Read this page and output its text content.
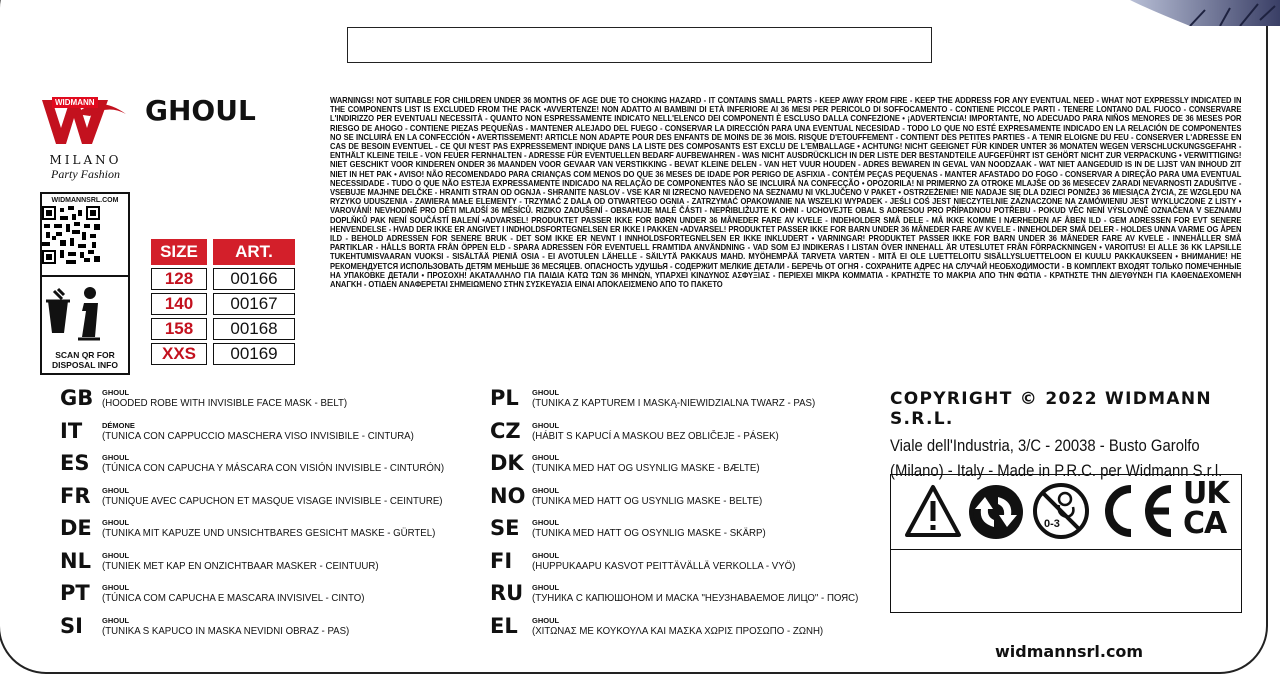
WIDMANN
MILANO
Party Fashion
GHOUL
WIDMANNSRL.COM
SCAN QR FOR DISPOSAL INFO
SIZE	ART.
128	00166
140	00167
158	00168
XXS	00169
WARNINGS! NOT SUITABLE FOR CHILDREN UNDER 36 MONTHS OF AGE DUE TO CHOKING HAZARD - IT CONTAINS SMALL PARTS - KEEP AWAY FROM FIRE - KEEP THE ADDRESS FOR ANY EVENTUAL NEED - WHAT NOT EXPRESSLY INDICATED IN THE COMPONENTS LIST IS EXCLUDED FROM THE PACK •AVVERTENZE! NON ADATTO AI BAMBINI DI ETÀ INFERIORE AI 36 MESI PER PERICOLO DI SOFFOCAMENTO - CONTIENE PICCOLE PARTI - TENERE LONTANO DAL FUOCO - CONSERVARE L'INDIRIZZO PER EVENTUALI NECESSITÀ - QUANTO NON ESPRESSAMENTE INDICATO NELL'ELENCO DEI COMPONENTI È ESCLUSO DALLA CONFEZIONE • ¡ADVERTENCIA! IMPORTANTE, NO ADECUADO PARA NIÑOS MENORES DE 36 MESES POR RIESGO DE AHOGO - CONTIENE PIEZAS PEQUEÑAS - MANTENER ALEJADO DEL FUEGO - CONSERVAR LA DIRECCIÓN PARA UNA EVENTUAL NECESIDAD - TODO LO QUE NO ESTÉ EXPRESAMENTE INDICADO EN LA RELACIÓN DE COMPONENTES NO SE INCLUIRÁ EN LA CONFECCIÓN • AVERTISSEMENT! ARTICLE NON ADAPTE POUR DES ENFANTS DE MOINS DE 36 MOIS. RISQUE D'ETOUFFEMENT - CONTIENT DES PETITES PARTIES - A TENIR ELOIGNE DU FEU - CONSERVER L'ADRESSE EN CAS DE BESOIN EVENTUEL - CE QUI N'EST PAS EXPRESSEMENT INDIQUE DANS LA LISTE DES COMPOSANTS EST EXCLU DE L'EMBALLAGE • ACHTUNG! NICHT GEEIGNET FÜR KINDER UNTER 36 MONATEN WEGEN VERSCHLUCKUNGSGEFAHR - ENTHÄLT KLEINE TEILE - VON FEUER FERNHALTEN - ADRESSE FÜR EVENTUELLEN BEDARF AUFBEWAHREN - WAS NICHT AUSDRÜCKLICH IN DER LISTE DER BESTANDTEILE AUFGEFÜHRT IST GEHÖRT NICHT ZUR VERPACKUNG • VERWITTIGING! NIET GESCHIKT VOOR KINDEREN ONDER 36 MAANDEN VOOR GEVAAR VAN VERSTIKKING - BEVAT KLEINE DELEN - VAN HET VUUR HOUDEN - ADRES BEWAREN IN GEVAL VAN NOODZAAK - WAT NIET AANGEDUID IS IN DE LIJST VAN INHOUD ZIT NIET IN HET PAK • AVISO! NÃO RECOMENDADO PARA CRIANÇAS COM MENOS DO QUE 36 MESES DE IDADE POR PERIGO DE ASFIXIA - CONTÉM PEÇAS PEQUENAS - MANTER AFASTADO DO FOGO - CONSERVAR A DIREÇÃO PARA UMA EVENTUAL NECESSIDADE - TUDO O QUE NÃO ESTEJA EXPRESSAMENTE INDICADO NA RELAÇÃO DE COMPONENTES NÃO SE INCLUIRÁ NA CONFECÇÃO • OPOZORILA! NI PRIMERNO ZA OTROKE MLAJŠE OD 36 MESECEV ZARADI NEVARNOSTI ZADUŠITVE - VSEBUJE MAJHNE DELČKE - HRANITI STRAN OD OGNJA - SHRANITE NASLOV - VSE KAR NI IZRECNO NAVEDENO NA SEZNAMU NI VKLJUČENO V PAKET • OSTRZEŻENIE! NIE NADAJE SIĘ DLA DZIECI PONIŻEJ 36 MIESIĄCA ŻYCIA, ZE WZGLĘDU NA RYZYKO UDUSZENIA - ZAWIERA MAŁE ELEMENTY - TRZYMAĆ Z DALA OD OTWARTEGO OGNIA - ZATRZYMAĆ OPAKOWANIE NA WSZELKI WYPADEK - JEŚLI COŚ JEST NIECZYTELNIE ZAZNACZONE NA ZAMÓWIENIU JEST WYKLUCZONE Z LISTY • VAROVÁNÍ! NEVHODNÉ PRO DĚTI MLADŠÍ 36 MĚSÍCŮ. RIZIKO ZADUŠENÍ - OBSAHUJE MALÉ ČÁSTI - NEPŘIBLIŽUJTE K OHNI - UCHOVEJTE OBAL S ADRESOU PRO PŘÍPADNOU POTŘEBU - POKUD VĚC NENÍ VÝSLOVNĚ OZNAČENA V SEZNAMU DOPLŇKŮ PAK NENÍ SOUČÁSTÍ BALENÍ •ADVARSEL! PRODUKTET PASSER IKKE FOR BØRN UNDER 36 MÅNEDER FARE AV KVELE - INDEHOLDER SMÅ DELE - MÅ IKKE KOMME I NÆRHEDEN AF ÅBEN ILD - GEM ADRESSEN FOR EVT SENERE HENVENDELSE - HVAD DER IKKE ER ANGIVET I INDHOLDSFORTEGNELSEN ER IKKE I PAKKEN •ADVARSEL! PRODUKTET PASSER IKKE FOR BARN UNDER 36 MÅNEDER FARE AV KVELE - INNEHOLDER SMÅ DELER - HOLDES UNNA VARME OG ÅPEN ILD - BEHOLD ADRESSEN FOR SENERE BRUK - DET SOM IKKE ER NEVNT I INNHOLDSFORTEGNELSEN ER IKKE INKLUDERT • VARNINGAR! PRODUKTET PASSER IKKE FOR BARN UNDER 36 MÅNEDER FARE AV KVELE - INNEHÅLLER SMÅ PARTIKLAR - HÅLLS BORTA FRÅN ÖPPEN ELD - SPARA ADRESSEN FÖR EVENTUELL FRAMTIDA ANVÄNDNING - VAD SOM EJ INDIKERAS I LISTAN ÖVER INNEHALL ÄR UTESLUTET FRÅN FÖRPACKNINGEN • VAROITUS! EI ALLE 36 KK LAPSILLE TUKEHTUMISVAARAN VUOKSI - SISÄLTÄÄ PIENIÄ OSIA - EI AVOTULEN LÄHELLE - SÄILYTÄ PAKKAUS MAHD. MYÖHEMPÄÄ TARVETA VARTEN - MITÄ EI OLE LUETTELOITU SISÄLLYSLUETTELOON EI KUULU PAKKAUKSEEN • ВНИМАНИЕ! НЕ РЕКОМЕНДУЕТСЯ ИСПОЛЬЗОВАТЬ ДЕТЯМ МЕНЬШЕ 36 МЕСЯЦЕВ. ОПАСНОСТЬ УДУШЬЯ - СОДЕРЖИТ МЕЛКИЕ ДЕТАЛИ - БЕРЕЧЬ ОТ ОГНЯ - СОХРАНИТЕ АДРЕС НА СЛУЧАЙ НЕОБХОДИМОСТИ - В КОМПЛЕКТ ВХОДЯТ ТОЛЬКО ПОМЕЧЕННЫЕ НА УПАКОВКЕ ДЕТАЛИ • ΠΡΟΣΟΧΗ! ΑΚΑΤΑΛΛΗΛΟ ΓΙΑ ΠΑΙΔΙΑ ΚΑΤΩ ΤΩΝ 36 ΜΗΝΩΝ, ΥΠΑΡΧΕΙ ΚΙΝΔΥΝΟΣ ΑΣΦΥΞΙΑΣ - ΠΕΡΙΕΧΕΙ ΜΙΚΡΑ ΚΟΜΜΑΤΙΑ - ΚΡΑΤΗΣΤΕ ΤΟ ΜΑΚΡΙΑ ΑΠΟ ΤΗΝ ΦΩΤΙΑ - ΚΡΑΤΗΣΤΕ ΤΗΝ ΔΙΕΥΘΥΝΣΗ ΓΙΑ ΚΑΘΕΝΔΕΧΟΜΕΝΗ ΑΝΑΓΚΗ - ΟΤΙΔΕΝ ΑΝΑΦΕΡΕΤΑΙ ΣΗΜΕΙΩΜΕΝΟ ΣΤΗΝ ΣΥΣΚΕΥΑΣΙΑ ΕΙΝΑΙ ΑΠΟΚΛΕΙΣΜΕΝΟ ΑΠΟ ΤΟ ΠΑΚΕΤΟ
GB	GHOUL
(HOODED ROBE WITH INVISIBLE FACE MASK - BELT)
IT	DÉMONE
(TUNICA CON CAPPUCCIO MASCHERA VISO INVISIBILE - CINTURA)
ES	GHOUL
(TÚNICA CON CAPUCHA Y MÁSCARA CON VISIÓN INVISIBLE - CINTURÓN)
FR	GHOUL
(TUNIQUE AVEC CAPUCHON ET MASQUE VISAGE INVISIBLE - CEINTURE)
DE	GHOUL
(TUNIKA MIT KAPUZE UND UNSICHTBARES GESICHT MASKE - GÜRTEL)
NL	GHOUL
(TUNIEK MET KAP EN ONZICHTBAAR MASKER - CEINTUUR)
PT	GHOUL
(TÚNICA COM CAPUCHA E MASCARA INVISIVEL - CINTO)
SI	GHOUL
(TUNIKA S KAPUCO IN MASKA NEVIDNI OBRAZ - PAS)
PL	GHOUL
(TUNIKA Z KAPTUREM I MASKĄ-NIEWIDZIALNA TWARZ - PAS)
CZ	GHOUL
(HÁBIT S KAPUCÍ A MASKOU BEZ OBLIČEJE - PÁSEK)
DK	GHOUL
(TUNIKA MED HAT OG USYNLIG MASKE - BÆLTE)
NO GHOUL
(TUNIKA MED HATT OG USYNLIG MASKE - BELTE)
SE	GHOUL
(TUNIKA MED HATT OG OSYNLIG MASKE - SKÄRP)
FI	GHOUL
(HUPPUKAAPU KASVOT PEITTÄVÄLLÄ VERKOLLA - VYÖ)
RU	GHOUL
(ТУНИКА С КАПЮШОНОМ И МАСКА "НЕУЗНАВАЕМОЕ ЛИЦО" - ПОЯС)
EL	GHOUL
(ΧΙΤΩΝΑΣ ΜΕ ΚΟΥΚΟΥΛΑ ΚΑΙ ΜΑΣΚΑ ΧΩΡΙΣ ΠΡΟΣΩΠΟ - ΖΩΝΗ)
COPYRIGHT © 2022 WIDMANN S.R.L.
Viale dell'Industria, 3/C - 20038 - Busto Garolfo
(Milano) - Italy - Made in P.R.C. per Widmann S.r.l.
0-3
UK
CA
widmannsrl.com
